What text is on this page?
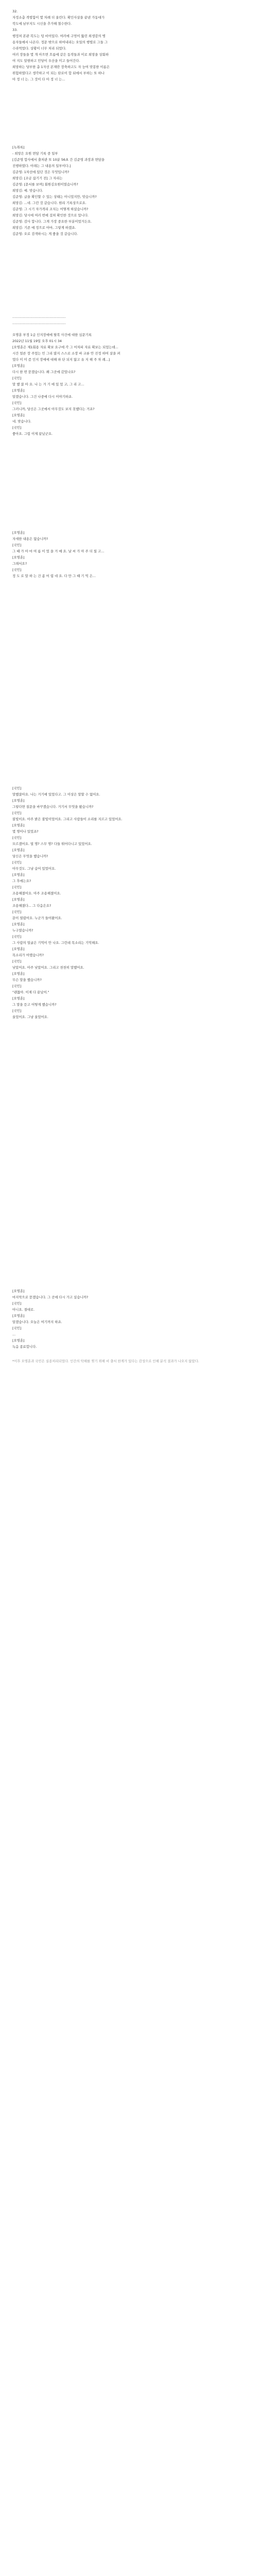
32.

자정소총 격렬함이 몇 차례 더 울린다. 확인사살을 끝낸 가동대가

북도에 남부지도 시신을 추가해 철수한다.

33.

행정처 본관 복도는 텅 비어있다. 여러에 구멍이 뚫린 희생감의 병

송자들에서 나온다. 정문 밖으로 하여내리는 오일의 행렬로 그들 그

수라먹었다. 상황이 너무 처리 되었다.

여러 장들을 몇 개 아으면 흐름에 같은 동작들과 이로 희망을 상회하

여 지도 알현하고 민당이 우산을 미고 들어간다.

희망하는 당부한 총 1자선 본재란 장축하고도 자 능여 맞봉한 이름은

위험하였다고 생각하고 이 되는 탄로이 합 뒤에서 부하는 또 하나

아 정 너 는. 그 것이 다 아 정 너 는...

[녹취록]

- 희망은 요원 면담 기록 중 일부

[김준영 합사에서 출처관 또 10분 56초 간 김준영 과장과 면담을

진행하였다. 아래는 그 내용의 일부이다.]

김준영: 1차선에 있던 것은 무엇입니까?

희망김: [조금 끊기기 전] 그 자리는

김준영: [문서를 보며] 회원김요원이였습니까?

희망김: 예. 맞습니다.

김준영: 글을 확인할 수 있는 상태는 아니었지만, 맞습니까?

희망김: ...네. 그런 것 같습니다. 원리 기록상으로요.

김준영: 그 시기 자가격리 조치는 어떻게 하셨습니까?

희망김: 당시에 여러 번에 걸쳐 확인한 것으로 압니다.

김준영: 감사 합니다. 그게 가장 중요한 부분이었거든요.

희망김: 기존 예 정으로 아마, 그렇게 하겠죠.

김준영: 오로 검색하시는 게 좋을 것 같습니다.

---------------------------------------------

---------------------------------------------

오명훈 부정 1급 인지장애에 탈복 사건에 대한 심문기록

2022년 11월 19일 오후 01시 34

[오명훈은 제1회용 자료 확보 요구에 각 그 어차피 자료 확보는 되었는데...

시간 얼른 장 주었는 민 그리 많지 스스로 소장 바 교류 안 진정 하여 살을 펴

었다 미 미 즘 인지 장애에 대해 파 단 되지 않고 유 지 해 주 차 례...]

[오명훈]

다시 한 번 묻겠습니다. 왜 그곳에 갔었나요?

[국민]

말 했 잖 아 요. 나 는 거 기 에 있 었 고, 그 리 고...

[오명훈]

알겠습니다. 그건 나중에 다시 이야기하죠.

[국민]

그러니까, 당신은 그곳에서 아무것도 보지 못했다는 거죠?

[오명훈]

네. 맞습니다.

[국민]

좋아요. 그럼 이제 끝났군요.

[오명훈]

자세한 내용은 없습니까?

[국민]

그 때 가 아 마 여 름 이 었 을 거 예 요. 날 씨 가 아 주 더 웠 고...

[오명훈]

그래서요?

[국민]

정 도 로 말 하 는 건 좀 어 렵 네 요. 다 만 그 때 기 억 은...

[국민]

말했잖아요. 나는 거기에 있었다고. 그 이상은 말할 수 없어요.

[오명훈]

그렇다면 질문을 바꾸겠습니다. 거기서 무엇을 봤습니까?

[국민]

불빛이요. 아주 밝은 불빛이었어요. 그리고 사람들이 소리를 지르고 있었어요.

[오명훈]

몇 명이나 있었죠?

[국민]

모르겠어요. 열 명? 스무 명? 다들 뛰어다니고 있었어요.

[오명훈]

당신은 무엇을 했습니까?

[국민]

아무것도. 그냥 숨어 있었어요.

[오명훈]

그 후에는요?

[국민]

조용해졌어요. 아주 조용해졌어요.

[오명훈]

조용해졌다... 그 다음은요?

[국민]

문이 열렸어요. 누군가 들어왔어요.

[오명훈]

누구였습니까?

[국민]

그 사람의 얼굴은 기억이 안 나요. 그런데 목소리는 기억해요.

[오명훈]

목소리가 어땠습니까?

[국민]

낮았어요. 아주 낮았어요. 그리고 천천히 말했어요.

[오명훈]

무슨 말을 했습니까?

[국민]

"괜찮아. 이제 다 끝났어."

[오명훈]

그 말을 듣고 어떻게 했습니까?

[국민]

울었어요. 그냥 울었어요.

[오명훈]

마지막으로 묻겠습니다. 그 곳에 다시 가고 싶습니까?

[국민]

아니요. 절대로.

[오명훈]

알겠습니다. 오늘은 여기까지 하죠.

[국민]

...

[오명훈]

녹음 종료합니다.

*이후 오명훈과 국민은 실종처리되었다. 인간의 탁해를 찢기 위해 비 출서 한계가 있다는 감성으로 인해 분석 결과가 나오지 않았다.
